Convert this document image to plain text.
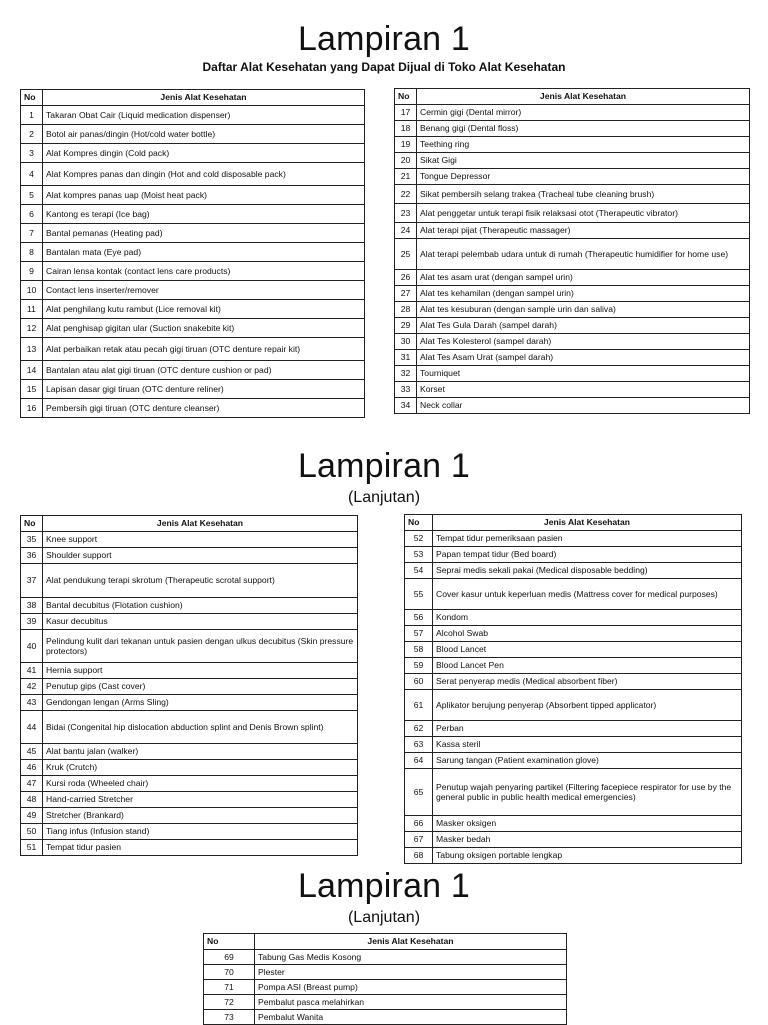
Lampiran 1
Daftar Alat Kesehatan yang Dapat Dijual di Toko Alat Kesehatan
No	Jenis Alat Kesehatan
1	Takaran Obat Cair (Liquid medication dispenser)
2	Botol air panas/dingin (Hot/cold water bottle)
3	Alat Kompres dingin (Cold pack)
4	Alat Kompres panas dan dingin (Hot and cold disposable pack)
5	Alat kompres panas uap (Moist heat pack)
6	Kantong es terapi (Ice bag)
7	Bantal pemanas (Heating pad)
8	Bantalan mata (Eye pad)
9	Cairan lensa kontak (contact lens care products)
10	Contact lens inserter/remover
11	Alat penghilang kutu rambut (Lice removal kit)
12	Alat penghisap gigitan ular (Suction snakebite kit)
13	Alat perbaikan retak atau pecah gigi tiruan (OTC denture repair kit)
14	Bantalan atau alat gigi tiruan (OTC denture cushion or pad)
15	Lapisan dasar gigi tiruan (OTC denture reliner)
16	Pembersih gigi tiruan (OTC denture cleanser)
No	Jenis Alat Kesehatan
17	Cermin gigi (Dental mirror)
18	Benang gigi (Dental floss)
19	Teething ring
20	Sikat Gigi
21	Tongue Depressor
22	Sikat pembersih selang trakea (Tracheal tube cleaning brush)
23	Alat penggetar untuk terapi fisik relaksasi otot (Therapeutic vibrator)
24	Alat terapi pijat (Therapeutic massager)
25	Alat terapi pelembab udara untuk di rumah (Therapeutic humidifier for home use)
26	Alat tes asam urat (dengan sampel urin)
27	Alat tes kehamilan (dengan sampel urin)
28	Alat tes kesuburan (dengan sample urin dan saliva)
29	Alat Tes Gula Darah (sampel darah)
30	Alat Tes Kolesterol (sampel darah)
31	Alat Tes Asam Urat (sampel darah)
32	Tourniquet
33	Korset
34	Neck collar
Lampiran 1
(Lanjutan)
No	Jenis Alat Kesehatan
35	Knee support
36	Shoulder support
37	Alat pendukung terapi skrotum (Therapeutic scrotal support)
38	Bantal decubitus (Flotation cushion)
39	Kasur decubitus
40	Pelindung kulit dari tekanan untuk pasien dengan ulkus decubitus (Skin pressure protectors)
41	Hernia support
42	Penutup gips (Cast cover)
43	Gendongan lengan (Arms Sling)
44	Bidai (Congenital hip dislocation abduction splint and Denis Brown splint)
45	Alat bantu jalan (walker)
46	Kruk (Crutch)
47	Kursi roda (Wheeled chair)
48	Hand-carried Stretcher
49	Stretcher (Brankard)
50	Tiang infus (Infusion stand)
51	Tempat tidur pasien
No	Jenis Alat Kesehatan
52	Tempat tidur pemeriksaan pasien
53	Papan tempat tidur (Bed board)
54	Seprai medis sekali pakai (Medical disposable bedding)
55	Cover kasur untuk keperluan medis (Mattress cover for medical purposes)
56	Kondom
57	Alcohol Swab
58	Blood Lancet
59	Blood Lancet Pen
60	Serat penyerap medis (Medical absorbent fiber)
61	Aplikator berujung penyerap (Absorbent tipped applicator)
62	Perban
63	Kassa steril
64	Sarung tangan (Patient examination glove)
65	Penutup wajah penyaring partikel (Filtering facepiece respirator for use by the general public in public health medical emergencies)
66	Masker oksigen
67	Masker bedah
68	Tabung oksigen portable lengkap
Lampiran 1
(Lanjutan)
No	Jenis Alat Kesehatan
69	Tabung Gas Medis Kosong
70	Plester
71	Pompa ASI (Breast pump)
72	Pembalut pasca melahirkan
73	Pembalut Wanita
